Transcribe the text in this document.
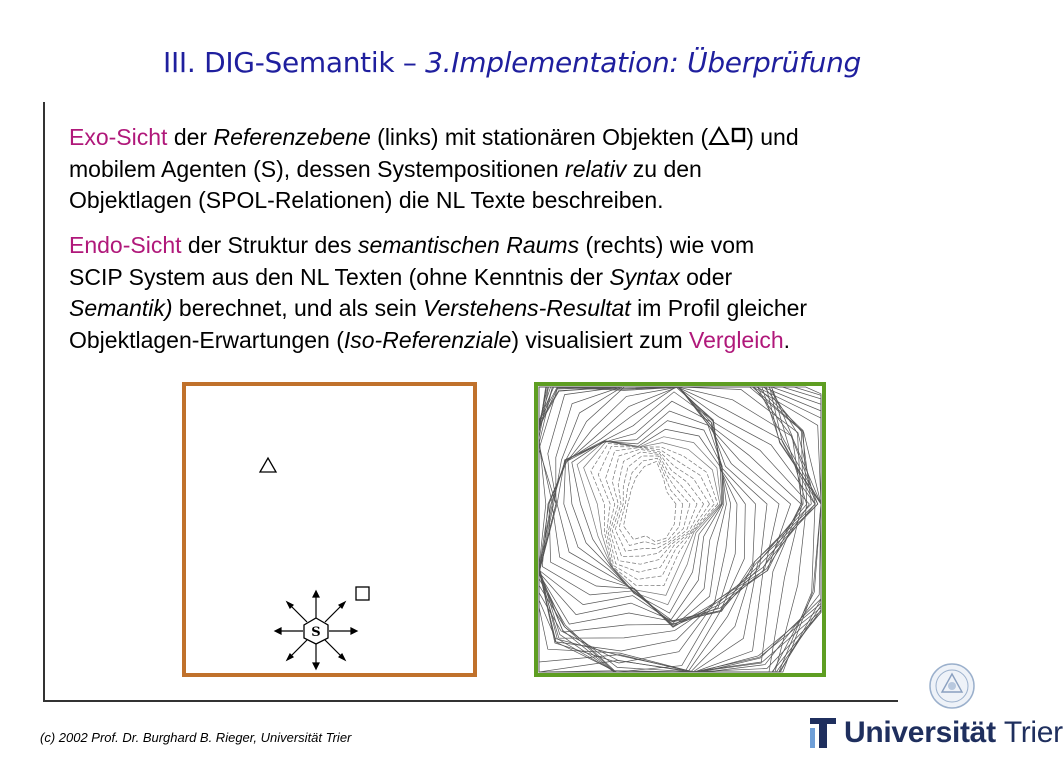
III. DIG-Semantik – 3.Implementation: Überprüfung
Exo-Sicht der Referenzebene (links) mit stationären Objekten ( ) und
mobilem Agenten (S), dessen Systempositionen relativ zu den
Objektlagen (SPOL-Relationen) die NL Texte beschreiben.
Endo-Sicht der Struktur des semantischen Raums (rechts) wie vom
SCIP System aus den NL Texten (ohne Kenntnis der Syntax oder
Semantik) berechnet, und als sein Verstehens-Resultat im Profil gleicher
Objektlagen-Erwartungen (Iso-Referenziale) visualisiert zum Vergleich.
S
(c) 2002 Prof. Dr. Burghard B. Rieger, Universität Trier	Universität Trier
